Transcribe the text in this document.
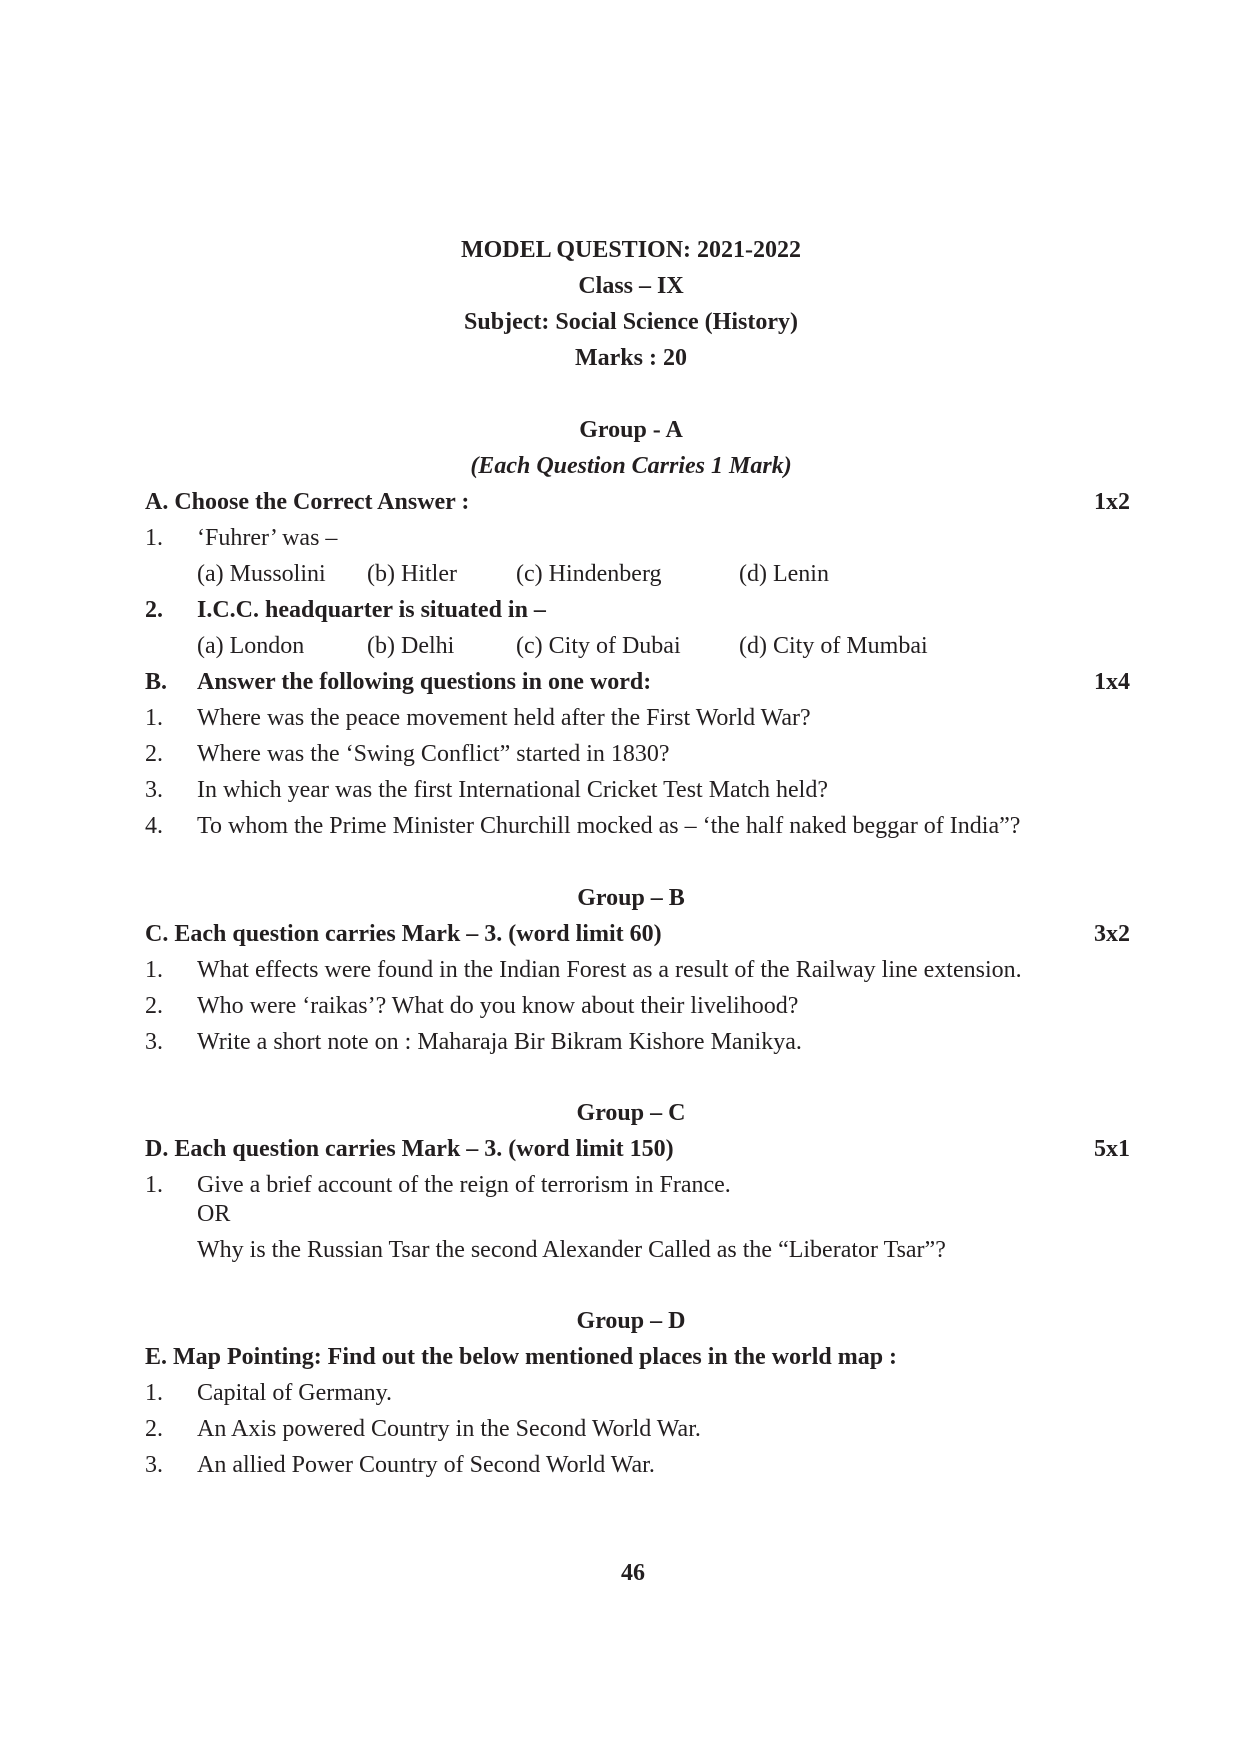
MODEL QUESTION: 2021-2022
Class – IX
Subject: Social Science (History)
Marks : 20
Group - A
(Each Question Carries 1 Mark)
A. Choose the Correct Answer :	1x2
1. ‘Fuhrer’ was –
(a) Mussolini (b) Hitler (c) Hindenberg	(d) Lenin
2. I.C.C. headquarter is situated in –
(a) London	(b) Delhi	(c) City of Dubai (d) City of Mumbai
B. Answer the following questions in one word:	1x4
1. Where was the peace movement held after the First World War?
2. Where was the ‘Swing Conflict” started in 1830?
3. In which year was the first International Cricket Test Match held?
4. To whom the Prime Minister Churchill mocked as – ‘the half naked beggar of India”?
Group – B
C. Each question carries Mark – 3. (word limit 60)	3x2
1. What effects were found in the Indian Forest as a result of the Railway line extension.
2. Who were ‘raikas’? What do you know about their livelihood?
3. Write a short note on : Maharaja Bir Bikram Kishore Manikya.
Group – C
D. Each question carries Mark – 3. (word limit 150)	5x1
1. Give a brief account of the reign of terrorism in France.
OR
Why is the Russian Tsar the second Alexander Called as the “Liberator Tsar”?
Group – D
E. Map Pointing: Find out the below mentioned places in the world map :
1. Capital of Germany.
2. An Axis powered Country in the Second World War.
3. An allied Power Country of Second World War.
46
